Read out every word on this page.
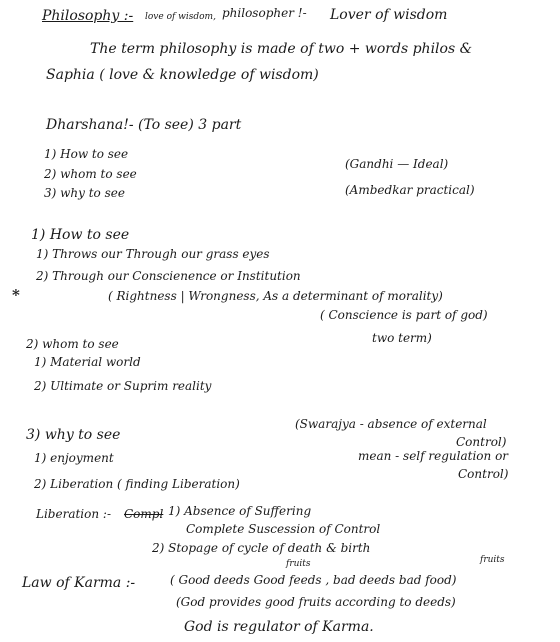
Philosophy :- love of wisdom, philosopher !- Lover of wisdom
The term philosophy is made of two + words philos &
Saphia ( love & knowledge of wisdom)
Dharshana!- (To see) 3 part
1) How to see
2) whom to see
3) why to see
(Gandhi — Ideal)
(Ambedkar practical)
1) How to see
1) Throws our Through our grass eyes
2) Through our Conscienence or Institution
*	( Rightness | Wrongness, As a determinant of morality)
( Conscience is part of god)
two term)
2) whom to see
1) Material world
2) Ultimate or Suprim reality
3) why to see
(Swarajya - absence of external
Control)
mean - self regulation or
Control)
1) enjoyment
2) Liberation ( finding Liberation)
Liberation :- Compl 1) Absence of Suffering
Complete Suscession of Control
2) Stopage of cycle of death & birth
fruits	fruits
Law of Karma :-	( Good deeds Good feeds , bad deeds bad food)
(God provides good fruits according to deeds)
God is regulator of Karma.
